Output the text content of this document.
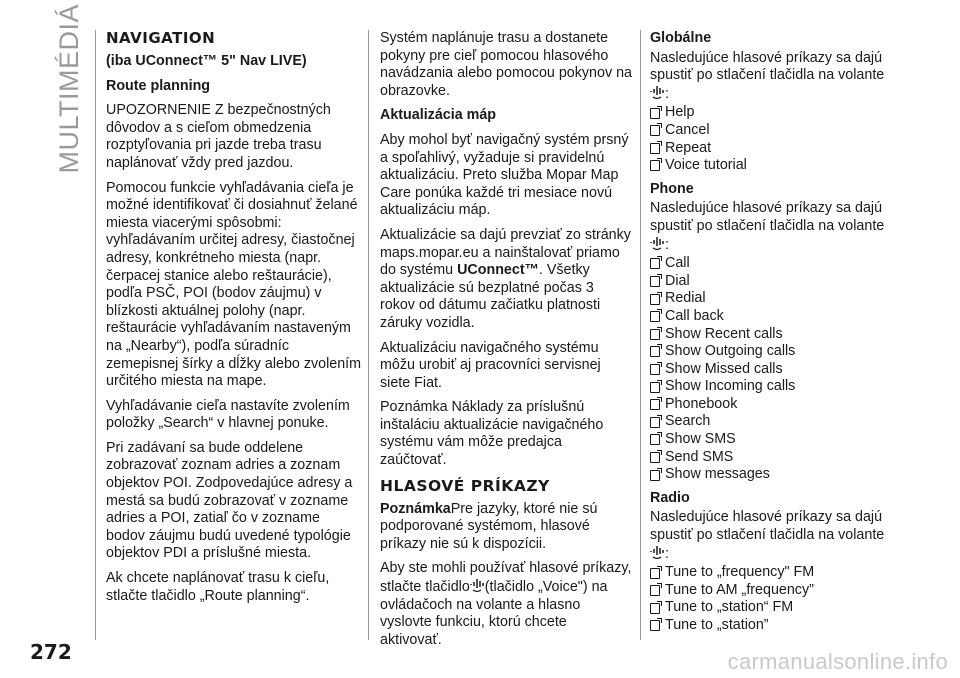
MULTIMÉDIÁ NAVIGATION

(iba UConnect™ 5" Nav LIVE)

Route planning

UPOZORNENIE Z bezpečnostných dôvodov a s cieľom obmedzenia rozptyľovania pri jazde treba trasu naplánovať vždy pred jazdou.

Pomocou funkcie vyhľadávania cieľa je možné identifikovať či dosiahnuť želané miesta viacerými spôsobmi: vyhľadávaním určitej adresy, čiastočnej adresy, konkrétneho miesta (napr. čerpacej stanice alebo reštaurácie), podľa PSČ, POI (bodov záujmu) v blízkosti aktuálnej polohy (napr. reštaurácie vyhľadávaním nastaveným na „Nearby“), podľa súradníc zemepisnej šírky a dĺžky alebo zvolením určitého miesta na mape.

Vyhľadávanie cieľa nastavíte zvolením položky „Search“ v hlavnej ponuke.

Pri zadávaní sa bude oddelene zobrazovať zoznam adries a zoznam objektov POI. Zodpovedajúce adresy a mestá sa budú zobrazovať v zozname adries a POI, zatiaľ čo v zozname bodov záujmu budú uvedené typológie objektov PDI a príslušné miesta.

Ak chcete naplánovať trasu k cieľu, stlačte tlačidlo „Route planning“.

Systém naplánuje trasu a dostanete pokyny pre cieľ pomocou hlasového navádzania alebo pomocou pokynov na obrazovke.

Aktualizácia máp

Aby mohol byť navigačný systém prsný a spoľahlivý, vyžaduje si pravidelnú aktualizáciu. Preto služba Mopar Map Care ponúka každé tri mesiace novú aktualizáciu máp.

Aktualizácie sa dajú prevziať zo stránky maps.mopar.eu a nainštalovať priamo do systému UConnect™. Všetky aktualizácie sú bezplatné počas 3 rokov od dátumu začiatku platnosti záruky vozidla.

Aktualizáciu navigačného systému môžu urobiť aj pracovníci servisnej siete Fiat.

Poznámka Náklady za príslušnú inštaláciu aktualizácie navigačného systému vám môže predajca zaúčtovať.

HLASOVÉ PRÍKAZY

PoznámkaPre jazyky, ktoré nie sú podporované systémom, hlasové príkazy nie sú k dispozícii.

Aby ste mohli používať hlasové príkazy, stlačte tlačidlo (tlačidlo „Voice") na ovládačoch na volante a hlasno vyslovte funkciu, ktorú chcete aktivovať.

Globálne

Nasledujúce hlasové príkazy sa dajú spustiť po stlačení tlačidla na volante

:
Help
Cancel
Repeat
Voice tutorial

Phone

Nasledujúce hlasové príkazy sa dajú spustiť po stlačení tlačidla na volante

:
Call
Dial
Redial
Call back
Show Recent calls
Show Outgoing calls
Show Missed calls
Show Incoming calls
Phonebook
Search
Show SMS
Send SMS
Show messages

Radio

Nasledujúce hlasové príkazy sa dajú spustiť po stlačení tlačidla na volante

:
Tune to „frequency" FM
Tune to AM „frequency”
Tune to „station“ FM
Tune to „station”
272	carmanualsonline.info
